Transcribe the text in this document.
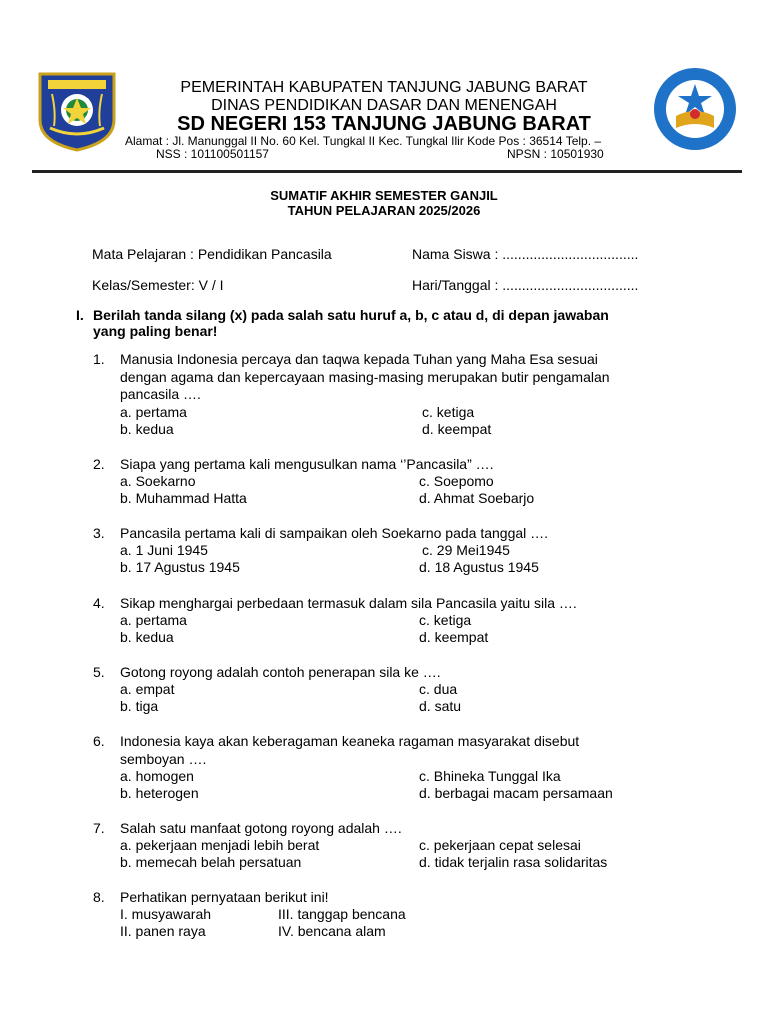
PEMERINTAH KABUPATEN TANJUNG JABUNG BARAT
DINAS PENDIDIKAN DASAR DAN MENENGAH
SD NEGERI 153 TANJUNG JABUNG BARAT
Alamat : Jl. Manunggal II No. 60 Kel. Tungkal II Kec. Tungkal Ilir Kode Pos : 36514 Telp. –
NSS : 101100501157	NPSN : 10501930
SUMATIF AKHIR SEMESTER GANJIL
TAHUN PELAJARAN 2025/2026
Mata Pelajaran : Pendidikan Pancasila	Nama Siswa : ...................................
Kelas/Semester: V / I	Hari/Tanggal : ...................................
I. Berilah tanda silang (x) pada salah satu huruf a, b, c atau d, di depan jawaban
yang paling benar!
1. Manusia Indonesia percaya dan taqwa kepada Tuhan yang Maha Esa sesuai
dengan agama dan kepercayaan masing-masing merupakan butir pengamalan
pancasila ….
a. pertama	c. ketiga
b. kedua	d. keempat
2. Siapa yang pertama kali mengusulkan nama ‘’Pancasila” ….
a. Soekarno	c. Soepomo
b. Muhammad Hatta	d. Ahmat Soebarjo
3. Pancasila pertama kali di sampaikan oleh Soekarno pada tanggal ….
a. 1 Juni 1945	c. 29 Mei1945
b. 17 Agustus 1945	d. 18 Agustus 1945
4. Sikap menghargai perbedaan termasuk dalam sila Pancasila yaitu sila ….
a. pertama	c. ketiga
b. kedua	d. keempat
5. Gotong royong adalah contoh penerapan sila ke ….
a. empat	c. dua
b. tiga	d. satu
6. Indonesia kaya akan keberagaman keaneka ragaman masyarakat disebut
semboyan ….
a. homogen	c. Bhineka Tunggal Ika
b. heterogen	d. berbagai macam persamaan
7. Salah satu manfaat gotong royong adalah ….
a. pekerjaan menjadi lebih berat	c. pekerjaan cepat selesai
b. memecah belah persatuan	d. tidak terjalin rasa solidaritas
8. Perhatikan pernyataan berikut ini!
I. musyawarah	III. tanggap bencana
II. panen raya	IV. bencana alam
